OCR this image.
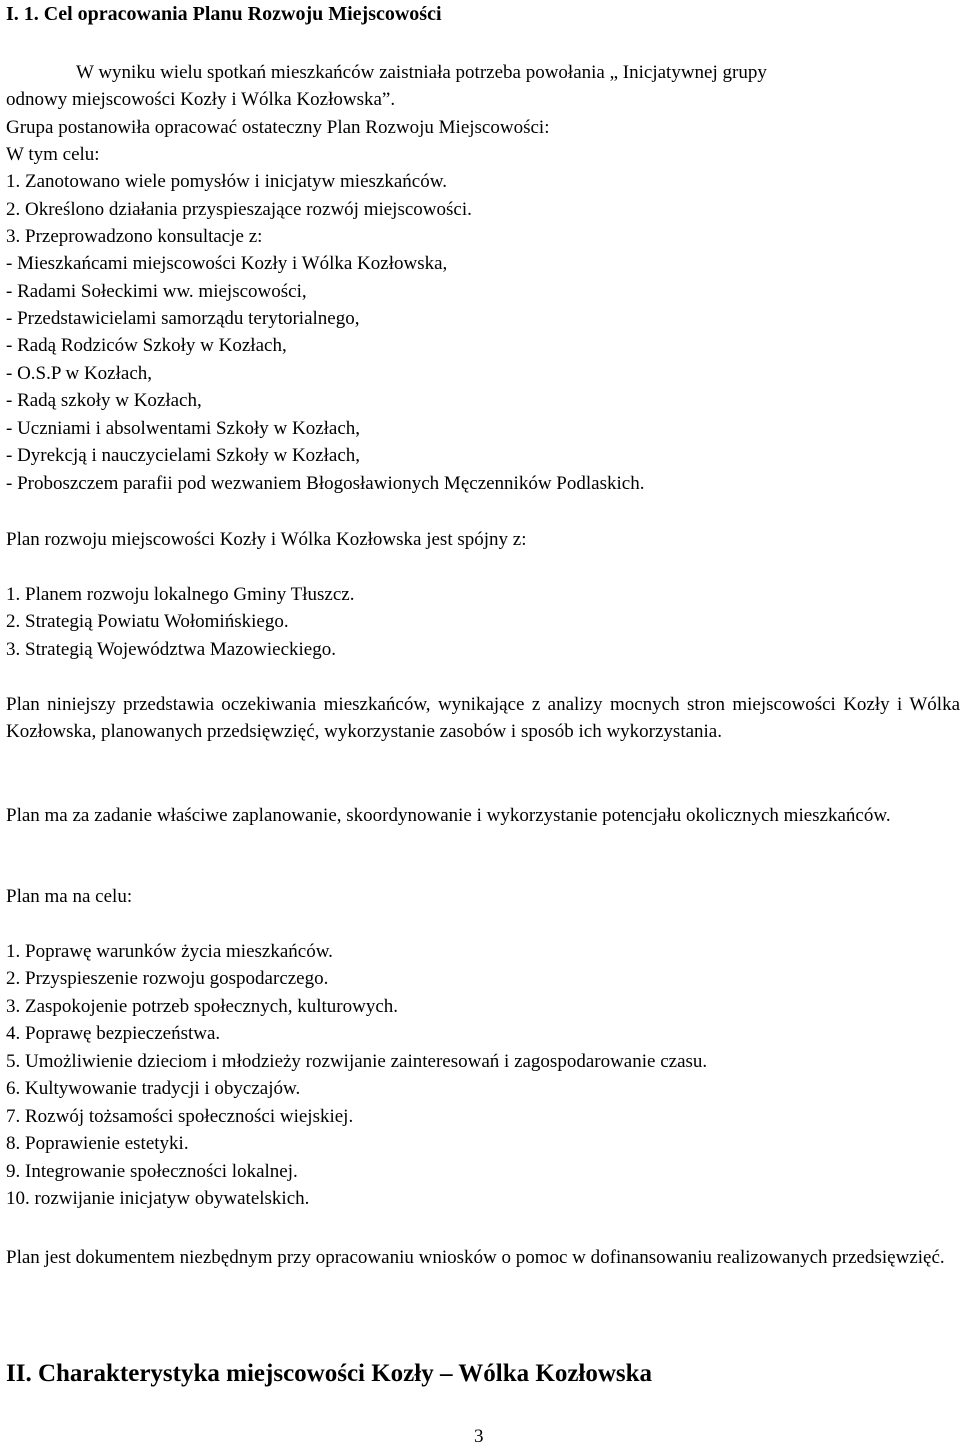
I. 1. Cel opracowania Planu Rozwoju Miejscowości
W wyniku wielu spotkań mieszkańców zaistniała potrzeba powołania „ Inicjatywnej grupy
odnowy miejscowości Kozły i Wólka Kozłowska”.
Grupa postanowiła opracować ostateczny Plan Rozwoju Miejscowości:
W tym celu:
1. Zanotowano wiele pomysłów i inicjatyw mieszkańców.
2. Określono działania przyspieszające rozwój miejscowości.
3. Przeprowadzono konsultacje z:
- Mieszkańcami miejscowości Kozły i Wólka Kozłowska,
- Radami Sołeckimi ww. miejscowości,
- Przedstawicielami samorządu terytorialnego,
- Radą Rodziców Szkoły w Kozłach,
- O.S.P w Kozłach,
- Radą szkoły w Kozłach,
- Uczniami i absolwentami Szkoły w Kozłach,
- Dyrekcją i nauczycielami Szkoły w Kozłach,
- Proboszczem parafii pod wezwaniem Błogosławionych Męczenników Podlaskich.
Plan rozwoju miejscowości Kozły i Wólka Kozłowska jest spójny z:
1. Planem rozwoju lokalnego Gminy Tłuszcz.
2. Strategią Powiatu Wołomińskiego.
3. Strategią Województwa Mazowieckiego.
Plan niniejszy przedstawia oczekiwania mieszkańców, wynikające z analizy mocnych stron miejscowości Kozły i Wólka Kozłowska, planowanych przedsięwzięć, wykorzystanie zasobów i sposób ich wykorzystania.
Plan ma za zadanie właściwe zaplanowanie, skoordynowanie i wykorzystanie potencjału okolicznych mieszkańców.
Plan ma na celu:
1. Poprawę warunków życia mieszkańców.
2. Przyspieszenie rozwoju gospodarczego.
3. Zaspokojenie potrzeb społecznych, kulturowych.
4. Poprawę bezpieczeństwa.
5. Umożliwienie dzieciom i młodzieży rozwijanie zainteresowań i zagospodarowanie czasu.
6. Kultywowanie tradycji i obyczajów.
7. Rozwój tożsamości społeczności wiejskiej.
8. Poprawienie estetyki.
9. Integrowanie społeczności lokalnej.
10. rozwijanie inicjatyw obywatelskich.
Plan jest dokumentem niezbędnym przy opracowaniu wniosków o pomoc w dofinansowaniu realizowanych przedsięwzięć.
II. Charakterystyka miejscowości Kozły – Wólka Kozłowska
3
